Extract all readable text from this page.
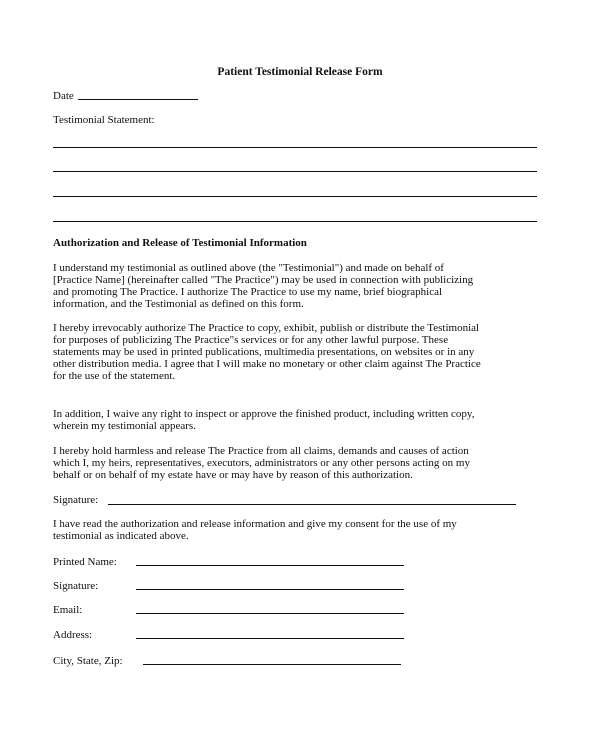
Patient Testimonial Release Form
Date
Testimonial Statement:
Authorization and Release of Testimonial Information
I understand my testimonial as outlined above (the "Testimonial") and made on behalf of
[Practice Name] (hereinafter called "The Practice") may be used in connection with publicizing
and promoting The Practice. I authorize The Practice to use my name, brief biographical
information, and the Testimonial as defined on this form.
I hereby irrevocably authorize The Practice to copy, exhibit, publish or distribute the Testimonial
for purposes of publicizing The Practice"s services or for any other lawful purpose. These
statements may be used in printed publications, multimedia presentations, on websites or in any
other distribution media. I agree that I will make no monetary or other claim against The Practice
for the use of the statement.
In addition, I waive any right to inspect or approve the finished product, including written copy,
wherein my testimonial appears.
I hereby hold harmless and release The Practice from all claims, demands and causes of action
which I, my heirs, representatives, executors, administrators or any other persons acting on my
behalf or on behalf of my estate have or may have by reason of this authorization.
Signature:
I have read the authorization and release information and give my consent for the use of my
testimonial as indicated above.
Printed Name:
Signature:
Email:
Address:
City, State, Zip:
